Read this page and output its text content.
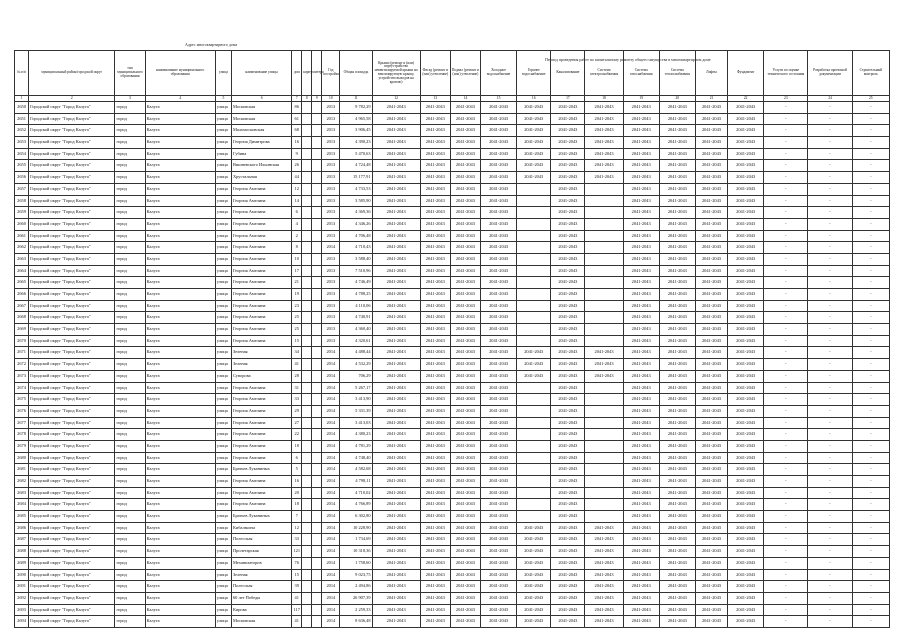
Адрес многоквартирного дома
Период проведения работ по капитальному ремонту общего имущества в многоквартирном доме
№ п/п	муниципальный район/городской округ	тип муниципального образования	наименование муниципального образования	улица	наименование улицы	дом	корпус	литера	Год постройки	Общая площадь	Крыши (ремонт и (или) переустройство невентилируемой крыши на вентилируемую крышу, устройство выходов на кровлю)	Фасад (ремонт и (или) утепление)	Подвал (ремонт и (или) утепление)	Холодное водоснабжение	Горячее водоснабжение	Канализование	Система электроснабжения	Система газоснабжения	Система теплоснабжения	Лифты	Фундамент	Услуги по оценке технического состояния	Разработка проектной документации	Строительный контроль
1	2	3	4	5	6	7	8	9	10	11	12	13	14	15	16	17	18	19	20	21	22	23	24	25
2650	Городской округ "Город Калуга"	город	Калуга	улица	Московская	86			2013	9 782,29	2041-2043	2041-2043	2041-2043	2041-2043	2041-2043	2041-2043	2041-2043	2041-2043	2041-2043	2041-2043	2041-2043	-	-	-
2651	Городской округ "Город Калуга"	город	Калуга	улица	Московская	61			2013	4 965,58	2041-2043	2041-2043	2041-2043	2041-2043	2041-2043	2041-2043	2041-2043	2041-2043	2041-2043	2041-2043	2041-2043	-	-	-
2652	Городской округ "Город Калуга"	город	Калуга	улица	Маломосковская	68			2013	3 906,45	2041-2043	2041-2043	2041-2043	2041-2043	2041-2043	2041-2043	2041-2043	2041-2043	2041-2043	2041-2043	2041-2043	-	-	-
2653	Городской округ "Город Калуга"	город	Калуга	улица	Георгия Димитрова	16			2013	4 390,23	2041-2043	2041-2043	2041-2043	2041-2043	2041-2043	2041-2043	2041-2043	2041-2043	2041-2043	2041-2043	2041-2043	-	-	-
2654	Городской округ "Город Калуга"	город	Калуга	улица	Губина	9			2013	5 470,63	2041-2043	2041-2043	2041-2043	2041-2043	2041-2043	2041-2043	2041-2043	2041-2043	2041-2043	2041-2043	2041-2043	-	-	-
2655	Городской округ "Город Калуга"	город	Калуга	улица	Вишневского Ильинская	26			2013	4 724,48	2041-2043	2041-2043	2041-2043	2041-2043	2041-2043	2041-2043	2041-2043	2041-2043	2041-2043	2041-2043	2041-2043	-	-	-
2656	Городской округ "Город Калуга"	город	Калуга	улица	Хрустальная	44			2013	15 177,91	2041-2043	2041-2043	2041-2043	2041-2043	2041-2043	2041-2043	2041-2043	2041-2043	2041-2043	2041-2043	2041-2043	-	-	-
2657	Городской округ "Город Калуга"	город	Калуга	улица	Георгия Амелина	12			2013	4 733,53	2041-2043	2041-2043	2041-2043	2041-2043		2041-2043		2041-2043	2041-2043	2041-2043	2041-2043	-	-	-
2658	Городской округ "Город Калуга"	город	Калуга	улица	Георгия Амелина	14			2013	3 585,90	2041-2043	2041-2043	2041-2043	2041-2043		2041-2043		2041-2043	2041-2043	2041-2043	2041-2043	-	-	-
2659	Городской округ "Город Калуга"	город	Калуга	улица	Георгия Амелина	6			2013	4 369,36	2041-2043	2041-2043	2041-2043	2041-2043		2041-2043		2041-2043	2041-2043	2041-2043	2041-2043	-	-	-
2660	Городской округ "Город Калуга"	город	Калуга	улица	Георгия Амелина	4			2013	4 346,26	2041-2043	2041-2043	2041-2043	2041-2043		2041-2043		2041-2043	2041-2043	2041-2043	2041-2043	-	-	-
2661	Городской округ "Город Калуга"	город	Калуга	улица	Георгия Амелина	2			2013	4 706,48	2041-2043	2041-2043	2041-2043	2041-2043		2041-2043		2041-2043	2041-2043	2041-2043	2041-2043	-	-	-
2662	Городской округ "Город Калуга"	город	Калуга	улица	Георгия Амелина	8			2014	4 710,43	2041-2043	2041-2043	2041-2043	2041-2043		2041-2043		2041-2043	2041-2043	2041-2043	2041-2043	-	-	-
2663	Городской округ "Город Калуга"	город	Калуга	улица	Георгия Амелина	10			2013	3 588,40	2041-2043	2041-2043	2041-2043	2041-2043		2041-2043		2041-2043	2041-2043	2041-2043	2041-2043	-	-	-
2664	Городской округ "Город Калуга"	город	Калуга	улица	Георгия Амелина	17			2013	7 510,96	2041-2043	2041-2043	2041-2043	2041-2043		2041-2043		2041-2043	2041-2043	2041-2043	2041-2043	-	-	-
2665	Городской округ "Город Калуга"	город	Калуга	улица	Георгия Амелина	21			2013	4 746,49	2041-2043	2041-2043	2041-2043	2041-2043		2041-2043		2041-2043	2041-2043	2041-2043	2041-2043	-	-	-
2666	Городской округ "Город Калуга"	город	Калуга	улица	Георгия Амелина	19			2013	4 788,25	2041-2043	2041-2043	2041-2043	2041-2043		2041-2043		2041-2043	2041-2043	2041-2043	2041-2043	-	-	-
2667	Городской округ "Город Калуга"	город	Калуга	улица	Георгия Амелина	23			2013	4 110,06	2041-2043	2041-2043	2041-2043	2041-2043		2041-2043		2041-2043	2041-2043	2041-2043	2041-2043	-	-	-
2668	Городской округ "Город Калуга"	город	Калуга	улица	Георгия Амелина	25			2013	4 740,91	2041-2043	2041-2043	2041-2043	2041-2043		2041-2043		2041-2043	2041-2043	2041-2043	2041-2043	-	-	-
2669	Городской округ "Город Калуга"	город	Калуга	улица	Георгия Амелина	25			2013	4 360,40	2041-2043	2041-2043	2041-2043	2041-2043		2041-2043		2041-2043	2041-2043	2041-2043	2041-2043	-	-	-
2670	Городской округ "Город Калуга"	город	Калуга	улица	Георгия Амелина	15			2013	4 320,61	2041-2043	2041-2043	2041-2043	2041-2043		2041-2043		2041-2043	2041-2043	2041-2043	2041-2043	-	-	-
2671	Городской округ "Город Калуга"	город	Калуга	улица	Зеленая	34			2014	4 488,44	2041-2043	2041-2043	2041-2043	2041-2043	2041-2043	2041-2043	2041-2043	2041-2043	2041-2043	2041-2043	2041-2043	-	-	-
2672	Городской округ "Город Калуга"	город	Калуга	улица	Зеленая	41			2014	4 532,29	2041-2043	2041-2043	2041-2043	2041-2043	2041-2043	2041-2043	2041-2043	2041-2043	2041-2043	2041-2043	2041-2043	-	-	-
2673	Городской округ "Город Калуга"	город	Калуга	улица	Суворова	28			2014	706,29	2041-2043	2041-2043	2041-2043	2041-2043	2041-2043	2041-2043	2041-2043	2041-2043	2041-2043	2041-2043	2041-2043	-	-	-
2674	Городской округ "Город Калуга"	город	Калуга	улица	Георгия Амелина	31			2014	5 267,17	2041-2043	2041-2043	2041-2043	2041-2043		2041-2043		2041-2043	2041-2043	2041-2043	2041-2043	-	-	-
2675	Городской округ "Город Калуга"	город	Калуга	улица	Георгия Амелина	33			2014	3 413,90	2041-2043	2041-2043	2041-2043	2041-2043		2041-2043		2041-2043	2041-2043	2041-2043	2041-2043	-	-	-
2676	Городской округ "Город Калуга"	город	Калуга	улица	Георгия Амелина	29			2014	5 331,39	2041-2043	2041-2043	2041-2043	2041-2043		2041-2043		2041-2043	2041-2043	2041-2043	2041-2043	-	-	-
2677	Городской округ "Город Калуга"	город	Калуга	улица	Георгия Амелина	27			2014	3 413,03	2041-2043	2041-2043	2041-2043	2041-2043		2041-2043		2041-2043	2041-2043	2041-2043	2041-2043	-	-	-
2678	Городской округ "Город Калуга"	город	Калуга	улица	Георгия Амелина	22			2014	4 380,23	2041-2043	2041-2043	2041-2043	2041-2043		2041-2043		2041-2043	2041-2043	2041-2043	2041-2043	-	-	-
2679	Городской округ "Город Калуга"	город	Калуга	улица	Георгия Амелина	18			2014	4 781,29	2041-2043	2041-2043	2041-2043	2041-2043		2041-2043		2041-2043	2041-2043	2041-2043	2041-2043	-	-	-
2680	Городской округ "Город Калуга"	город	Калуга	улица	Георгия Амелина	6			2014	4 748,40	2041-2043	2041-2043	2041-2043	2041-2043		2041-2043		2041-2043	2041-2043	2041-2043	2041-2043	-	-	-
2681	Городской округ "Город Калуга"	город	Калуга	улица	Братьев Луканиных	5			2014	4 582,68	2041-2043	2041-2043	2041-2043	2041-2043		2041-2043		2041-2043	2041-2043	2041-2043	2041-2043	-	-	-
2682	Городской округ "Город Калуга"	город	Калуга	улица	Георгия Амелина	16			2014	4 798,11	2041-2043	2041-2043	2041-2043	2041-2043		2041-2043		2041-2043	2041-2043	2041-2043	2041-2043	-	-	-
2683	Городской округ "Город Калуга"	город	Калуга	улица	Георгия Амелина	20			2014	4 710,02	2041-2043	2041-2043	2041-2043	2041-2043		2041-2043		2041-2043	2041-2043	2041-2043	2041-2043	-	-	-
2684	Городской округ "Город Калуга"	город	Калуга	улица	Георгия Амелина	18			2014	4 766,89	2041-2043	2041-2043	2041-2043	2041-2043		2041-2043		2041-2043	2041-2043	2041-2043	2041-2043	-	-	-
2685	Городской округ "Город Калуга"	город	Калуга	улица	Братьев Луканиных	7			2014	6 302,80	2041-2043	2041-2043	2041-2043	2041-2043		2041-2043		2041-2043	2041-2043	2041-2043	2041-2043	-	-	-
2686	Городской округ "Город Калуга"	город	Калуга	улица	Кибальчича	12			2014	10 228,90	2041-2043	2041-2043	2041-2043	2041-2043	2041-2043	2041-2043	2041-2043	2041-2043	2041-2043	2041-2043	2041-2043	-	-	-
2687	Городской округ "Город Калуга"	город	Калуга	улица	Полесская	33			2014	1 734,69	2041-2043	2041-2043	2041-2043	2041-2043	2041-2043	2041-2043	2041-2043	2041-2043	2041-2043	2041-2043	2041-2043	-	-	-
2688	Городской округ "Город Калуга"	город	Калуга	улица	Пролетарская	121			2014	10 318,36	2041-2043	2041-2043	2041-2043	2041-2043	2041-2043	2041-2043	2041-2043	2041-2043	2041-2043	2041-2043	2041-2043	-	-	-
2689	Городской округ "Город Калуга"	город	Калуга	улица	Механизаторов	76			2014	1 758,60	2041-2043	2041-2043	2041-2043	2041-2043	2041-2043	2041-2043	2041-2043	2041-2043	2041-2043	2041-2043	2041-2043	-	-	-
2690	Городской округ "Город Калуга"	город	Калуга	улица	Зеленая	15			2014	9 023,75	2041-2043	2041-2043	2041-2043	2041-2043	2041-2043	2041-2043	2041-2043	2041-2043	2041-2043	2041-2043	2041-2043	-	-	-
2691	Городской округ "Город Калуга"	город	Калуга	улица	Полесская	39			2014	2 494,86	2041-2043	2041-2043	2041-2043	2041-2043	2041-2043	2041-2043	2041-2043	2041-2043	2041-2043	2041-2043	2041-2043	-	-	-
2692	Городской округ "Город Калуга"	город	Калуга	улица	60 лет Победы	41			2014	26 907,39	2041-2043	2041-2043	2041-2043	2041-2043	2041-2043	2041-2043	2041-2043	2041-2043	2041-2043	2041-2043	2041-2043	-	-	-
2693	Городской округ "Город Калуга"	город	Калуга	улица	Кирова	117			2014	2 259,33	2041-2043	2041-2043	2041-2043	2041-2043	2041-2043	2041-2043	2041-2043	2041-2043	2041-2043	2041-2043	2041-2043	-	-	-
2694	Городской округ "Город Калуга"	город	Калуга	улица	Московская	41			2014	8 636,48	2041-2043	2041-2043	2041-2043	2041-2043	2041-2043	2041-2043	2041-2043	2041-2043	2041-2043	2041-2043	2041-2043	-	-	-
